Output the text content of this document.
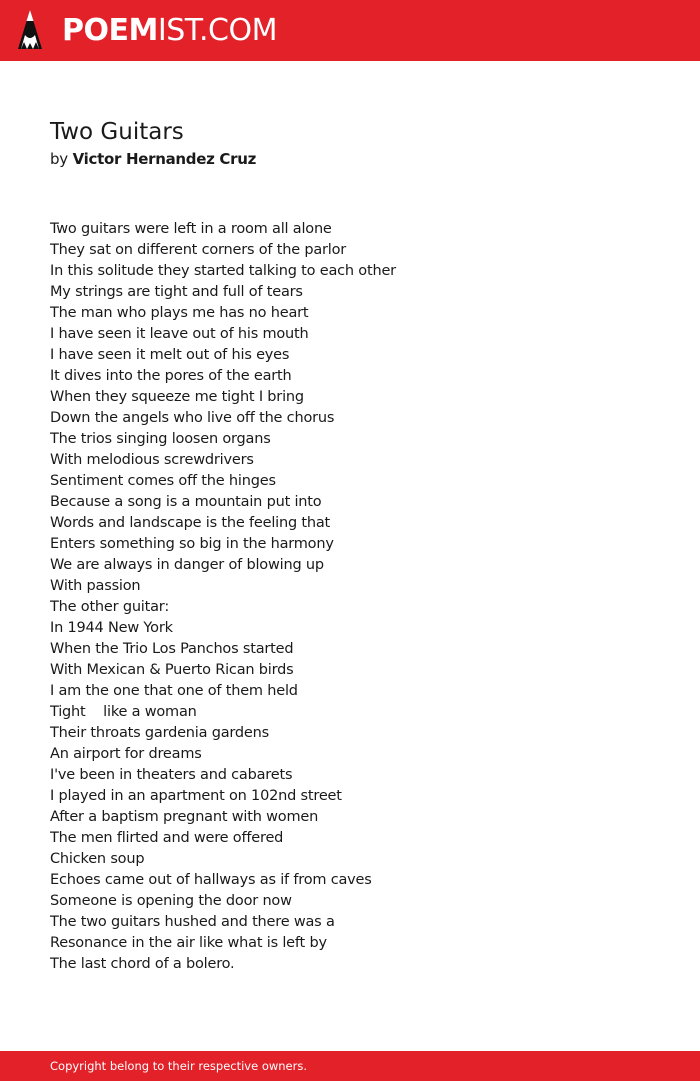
POEMIST.COM
Two Guitars
by Victor Hernandez Cruz
Two guitars were left in a room all alone
They sat on different corners of the parlor
In this solitude they started talking to each other
My strings are tight and full of tears
The man who plays me has no heart
I have seen it leave out of his mouth
I have seen it melt out of his eyes
It dives into the pores of the earth
When they squeeze me tight I bring
Down the angels who live off the chorus
The trios singing loosen organs
With melodious screwdrivers
Sentiment comes off the hinges
Because a song is a mountain put into
Words and landscape is the feeling that
Enters something so big in the harmony
We are always in danger of blowing up
With passion
The other guitar:
In 1944 New York
When the Trio Los Panchos started
With Mexican & Puerto Rican birds
I am the one that one of them held
Tight    like a woman
Their throats gardenia gardens
An airport for dreams
I've been in theaters and cabarets
I played in an apartment on 102nd street
After a baptism pregnant with women
The men flirted and were offered
Chicken soup
Echoes came out of hallways as if from caves
Someone is opening the door now
The two guitars hushed and there was a
Resonance in the air like what is left by
The last chord of a bolero.
Copyright belong to their respective owners.
